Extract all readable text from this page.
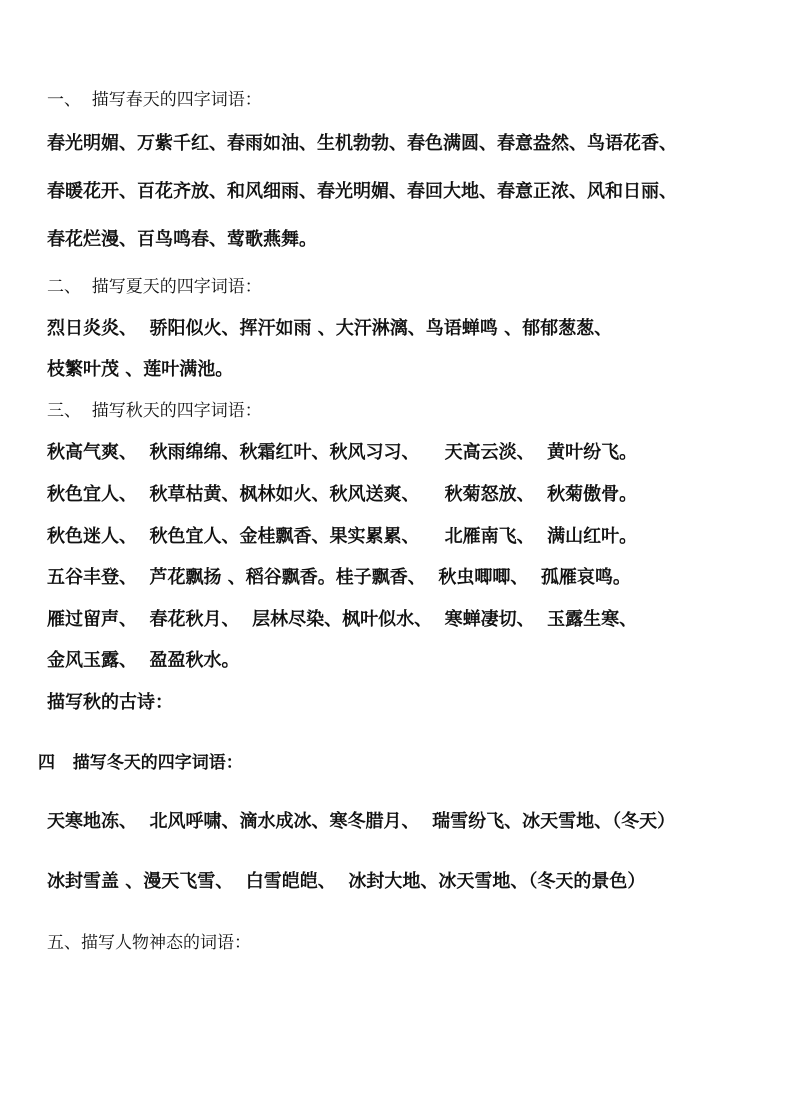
一、  描写春天的四字词语：
春光明媚、万紫千红、春雨如油、生机勃勃、春色满圆、春意盎然、鸟语花香、
春暖花开、百花齐放、和风细雨、春光明媚、春回大地、春意正浓、风和日丽、
春花烂漫、百鸟鸣春、莺歌燕舞。
二、  描写夏天的四字词语：
烈日炎炎、  骄阳似火、挥汗如雨 、大汗淋漓、鸟语蝉鸣 、郁郁葱葱、
枝繁叶茂 、莲叶满池。
三、  描写秋天的四字词语：
秋高气爽、  秋雨绵绵、秋霜红叶、秋风习习、    天高云淡、  黄叶纷飞。
秋色宜人、  秋草枯黄、枫林如火、秋风送爽、    秋菊怒放、  秋菊傲骨。
秋色迷人、  秋色宜人、金桂飘香、果实累累、    北雁南飞、  满山红叶。
五谷丰登、  芦花飘扬 、稻谷飘香。桂子飘香、  秋虫唧唧、  孤雁哀鸣。
雁过留声、  春花秋月、  层林尽染、枫叶似水、  寒蝉凄切、  玉露生寒、
金风玉露、  盈盈秋水。
描写秋的古诗：
四   描写冬天的四字词语：
天寒地冻、  北风呼啸、滴水成冰、寒冬腊月、  瑞雪纷飞、冰天雪地、（冬天）
冰封雪盖 、漫天飞雪、  白雪皑皑、  冰封大地、冰天雪地、（冬天的景色）
五、描写人物神态的词语：
